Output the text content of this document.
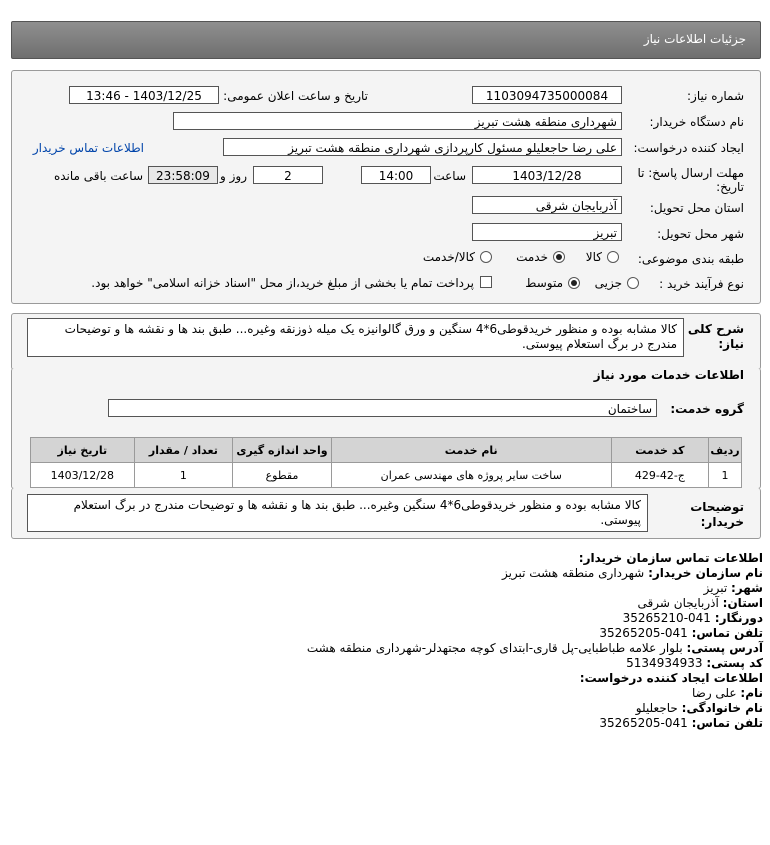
جزئیات اطلاعات نیاز
شماره نیاز:
1103094735000084
تاریخ و ساعت اعلان عمومی:
1403/12/25 - 13:46
نام دستگاه خریدار:
شهرداری منطقه هشت تبریز
ایجاد کننده درخواست:
علی رضا حاجعلیلو مسئول کارپردازی شهرداری منطقه هشت تبریز
اطلاعات تماس خریدار
مهلت ارسال پاسخ: تا تاریخ:
1403/12/28
ساعت
14:00
2
روز و
23:58:09
ساعت باقی مانده
استان محل تحویل:
آذربایجان شرقی
شهر محل تحویل:
تبریز
طبقه بندی موضوعی:
کالا
خدمت
کالا/خدمت
نوع فرآیند خرید :
جزیی
متوسط
پرداخت تمام یا بخشی از مبلغ خرید،از محل "اسناد خزانه اسلامی" خواهد بود.
شرح کلی نیاز:
کالا مشابه بوده و منظور خریدقوطی6*4 سنگین و ورق گالوانیزه یک میله ذوزنقه وغیره... طبق بند ها و نقشه ها و توضیحات مندرج در برگ استعلام پیوستی.
اطلاعات خدمات مورد نیاز
گروه خدمت:
ساختمان
ردیف	کد خدمت	نام خدمت	واحد اندازه گیری	تعداد / مقدار	تاریخ نیاز
1	ج-42-429	ساخت سایر پروژه های مهندسی عمران	مقطوع	1	1403/12/28
توضیحات خریدار:
کالا مشابه بوده و منظور خریدقوطی6*4 سنگین وغیره... طبق بند ها و نقشه ها و توضیحات مندرج در برگ استعلام پیوستی.
اطلاعات تماس سازمان خریدار:
نام سازمان خریدار: شهرداری منطقه هشت تبریز
شهر: تبریز
استان: آذربایجان شرقی
دورنگار: 041-35265210
تلفن تماس: 041-35265205
آدرس پستی: بلوار علامه طباطبایی-پل قاری-ابتدای کوچه مجتهدلر-شهرداری منطقه هشت
کد پستی: 5134934933
اطلاعات ایجاد کننده درخواست:
نام: علی رضا
نام خانوادگی: حاجعلیلو
تلفن تماس: 041-35265205
